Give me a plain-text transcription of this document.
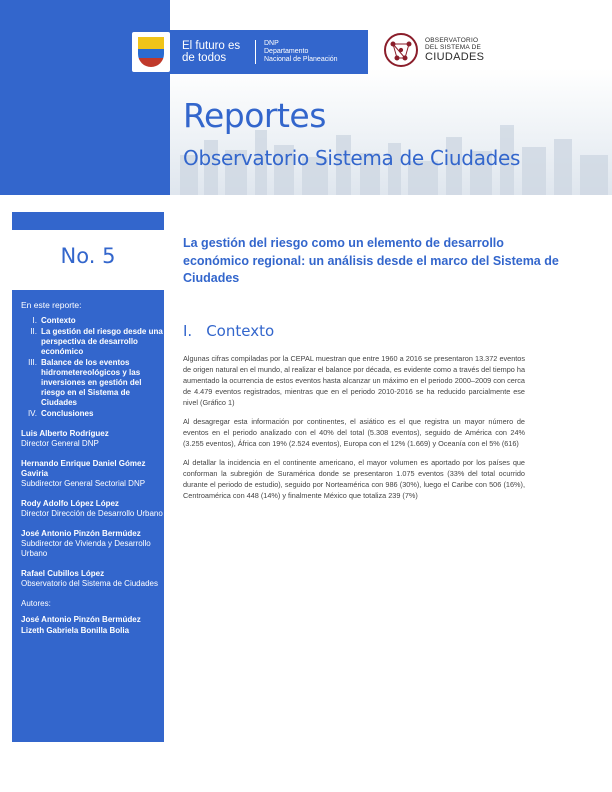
El futuro es de todos
DNP
Departamento
Nacional de Planeación
OBSERVATORIO
DEL SISTEMA DE
CIUDADES
Reportes
Observatorio Sistema de Ciudades
No. 5
En este reporte:
I. Contexto
II. La gestión del riesgo desde una perspectiva de desarrollo económico
III. Balance de los eventos hidrometereológicos y las inversiones en gestión del riesgo en el Sistema de Ciudades
IV. Conclusiones
Luis Alberto Rodríguez
Director General DNP
Hernando Enrique Daniel Gómez Gaviria
Subdirector General Sectorial DNP
Rody Adolfo López López
Director Dirección de Desarrollo Urbano
José Antonio Pinzón Bermúdez
Subdirector de Vivienda y Desarrollo Urbano
Rafael Cubillos López
Observatorio del Sistema de Ciudades
Autores:
José Antonio Pinzón Bermúdez
Lizeth Gabriela Bonilla Bolia
La gestión del riesgo como un elemento de desarrollo económico regional: un análisis desde el marco del Sistema de Ciudades
I. Contexto

Algunas cifras compiladas por la CEPAL muestran que entre 1960 a 2016 se presentaron 13.372 eventos de origen natural en el mundo, al realizar el balance por década, es evidente como a través del tiempo ha aumentado la ocurrencia de estos eventos hasta alcanzar un máximo en el periodo 2000–2009 con cerca de 4.479 eventos registrados, mientras que en el periodo 2010-2016 se ha reducido parcialmente ese nivel (Gráfico 1)

Al desagregar esta información por continentes, el asiático es el que registra un mayor número de eventos en el periodo analizado con el 40% del total (5.308 eventos), seguido de América con 24% (3.255 eventos), África con 19% (2.524 eventos), Europa con el 12% (1.669) y Oceanía con el 5% (616)

Al detallar la incidencia en el continente americano, el mayor volumen es aportado por los países que conforman la subregión de Suramérica donde se presentaron 1.075 eventos (33% del total ocurrido durante el periodo de estudio), seguido por Norteamérica con 986 (30%), luego el Caribe con 506 (16%), Centroamérica con 448 (14%) y finalmente México que totaliza 239 (7%)
